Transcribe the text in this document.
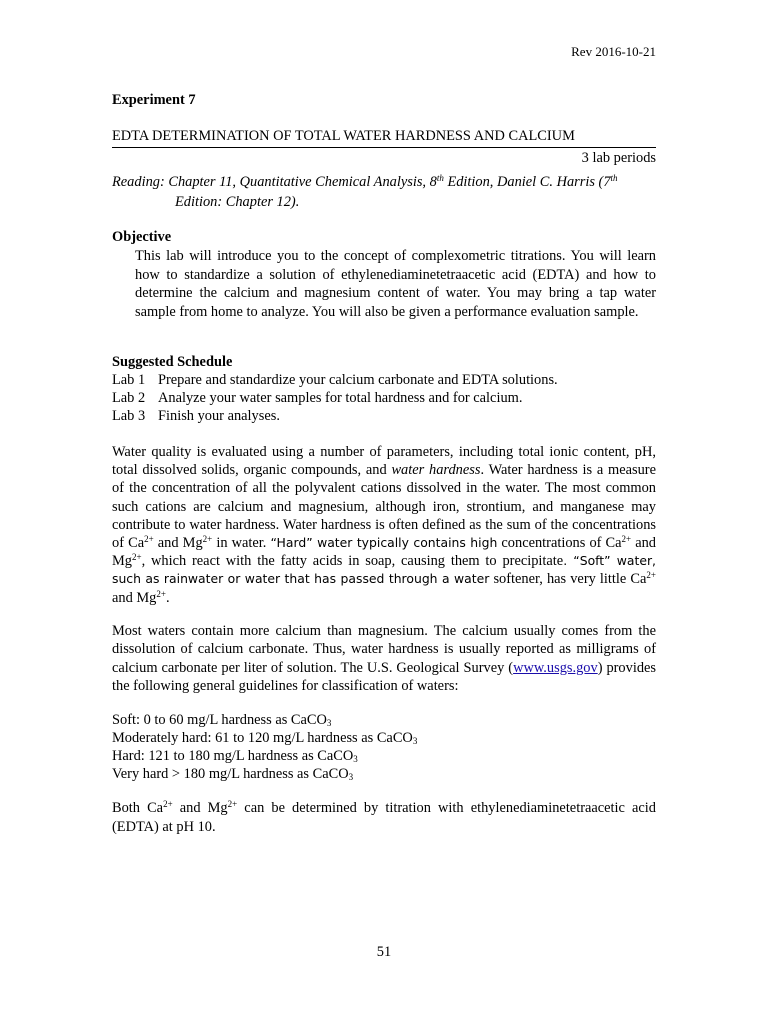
Rev 2016-10-21
Experiment 7
EDTA DETERMINATION OF TOTAL WATER HARDNESS AND CALCIUM
3 lab periods
Reading: Chapter 11, Quantitative Chemical Analysis, 8th Edition, Daniel C. Harris (7th
Edition: Chapter 12).
Objective
This lab will introduce you to the concept of complexometric titrations. You will learn how to standardize a solution of ethylenediaminetetraacetic acid (EDTA) and how to determine the calcium and magnesium content of water. You may bring a tap water sample from home to analyze. You will also be given a performance evaluation sample.
Suggested Schedule
Lab 1 Prepare and standardize your calcium carbonate and EDTA solutions.
Lab 2 Analyze your water samples for total hardness and for calcium.
Lab 3 Finish your analyses.
Water quality is evaluated using a number of parameters, including total ionic content, pH, total dissolved solids, organic compounds, and water hardness. Water hardness is a measure of the concentration of all the polyvalent cations dissolved in the water. The most common such cations are calcium and magnesium, although iron, strontium, and manganese may contribute to water hardness. Water hardness is often defined as the sum of the concentrations of $Ca^{2+}$ and $Mg^{2+}$ in water. “Hard” water typically contains high concentrations of $Ca^{2+}$ and $Mg^{2+}$, which react with the fatty acids in soap, causing them to precipitate. “Soft” water, such as rainwater or water that has passed through a water softener, has very little $Ca^{2+}$ and $Mg^{2+}$.
Most waters contain more calcium than magnesium. The calcium usually comes from the dissolution of calcium carbonate. Thus, water hardness is usually reported as milligrams of calcium carbonate per liter of solution. The U.S. Geological Survey (www.usgs.gov) provides the following general guidelines for classification of waters:
Soft: 0 to 60 mg/L hardness as CaCO$_3$
Moderately hard: 61 to 120 mg/L hardness as CaCO$_3$
Hard: 121 to 180 mg/L hardness as CaCO$_3$
Very hard > 180 mg/L hardness as CaCO$_3$
Both $Ca^{2+}$ and $Mg^{2+}$ can be determined by titration with ethylenediaminetetraacetic acid (EDTA) at pH 10.
51
